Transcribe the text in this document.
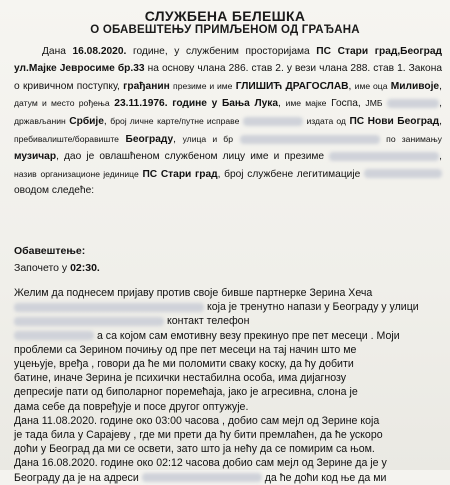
СЛУЖБЕНА БЕЛЕШКА
О ОБАВЕШТЕЊУ ПРИМЉЕНОМ ОД ГРАЂАНА

Дана 16.08.2020. године, у службеним просторијама ПС Стари град,Београд ул.Мајке Јевросиме бр.33 на основу члана 286. став 2. у вези члана 288. став 1. Закона о кривичном поступку, грађанин презиме и име ГЛИШИЋ ДРАГОСЛАВ, име оца Миливоје, датум и место рођења 23.11.1976. године у Бања Лука, име мајке Госпа, ЈМБ	, држављанин Србије, број личне карте/путне исправе	издата од ПС Нови Београд, пребивалиште/боравиште Београду, улица и бр	по занимању музичар, дао је овлашћеном службеном лицу име и презиме	, назив организационе јединице ПС Стари град, број службене легитимације оводом следеће:

Обавештење:
Започето у 02:30.

Желим да поднесем пријаву против своје бивше партнерке Зерина Хеча

која је тренутно напази у Београду у улици

контакт телефон

а са којом сам емотивну везу прекинуо пре пет месеци . Моји

проблеми са Зерином почињу од пре пет месеци на тај начин што ме

уцењује, вређа , говори да ће ми поломити сваку коску, да ћу добити

батине, иначе Зерина је психички нестабилна особа, има дијагнозу

депресије пати од биполарног поремећаја, јако је агресивна, слона је

дама себе да повређује и посе другог оптужује.

Дана 11.08.2020. године око 03:00 часова , добио сам мејл од Зерине која

је тада била у Сарајеву , где ми прети да ћу бити премлаћен, да ће ускоро

доћи у Београд да ми се освети, зато што ја нећу да се помирим са њом.

Дана 16.08.2020. године око 02:12 часова добио сам мејл од Зерине да је у

Београду да је на адреси	да ће доћи код ње да ми
